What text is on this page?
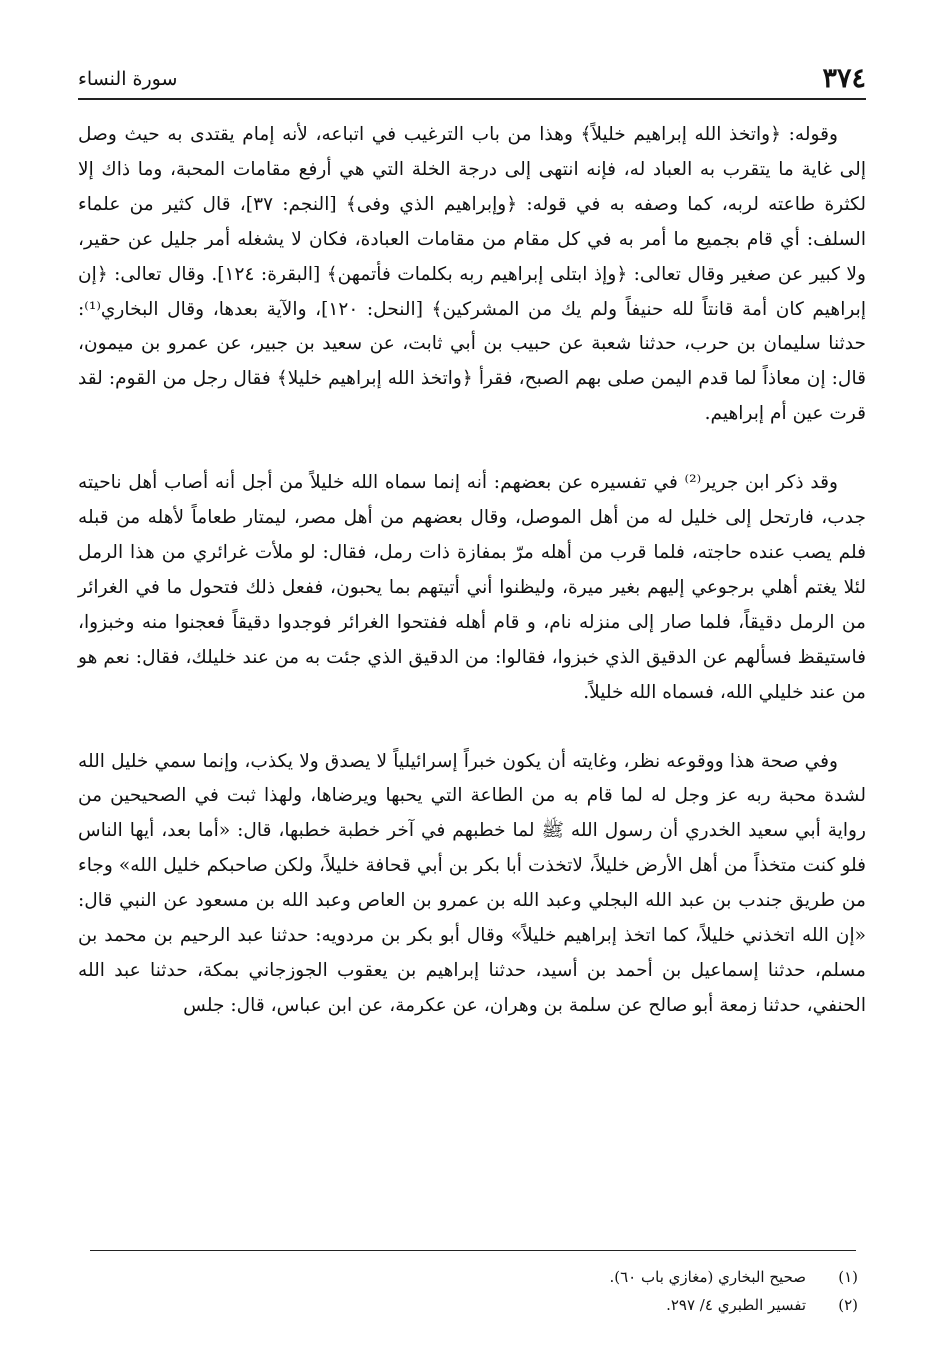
٣٧٤
سورة النساء

وقوله: ﴿واتخذ الله إبراهيم خليلاً﴾ وهذا من باب الترغيب في اتباعه، لأنه إمام يقتدى به حيث وصل إلى غاية ما يتقرب به العباد له، فإنه انتهى إلى درجة الخلة التي هي أرفع مقامات المحبة، وما ذاك إلا لكثرة طاعته لربه، كما وصفه به في قوله: ﴿وإبراهيم الذي وفى﴾ [النجم: ٣٧]، قال كثير من علماء السلف: أي قام بجميع ما أمر به في كل مقام من مقامات العبادة، فكان لا يشغله أمر جليل عن حقير، ولا كبير عن صغير وقال تعالى: ﴿وإذ ابتلى إبراهيم ربه بكلمات فأتمهن﴾ [البقرة: ١٢٤]. وقال تعالى: ﴿إن إبراهيم كان أمة قانتاً لله حنيفاً ولم يك من المشركين﴾ [النحل: ١٢٠]، والآية بعدها، وقال البخاري⁽¹⁾: حدثنا سليمان بن حرب، حدثنا شعبة عن حبيب بن أبي ثابت، عن سعيد بن جبير، عن عمرو بن ميمون، قال: إن معاذاً لما قدم اليمن صلى بهم الصبح، فقرأ ﴿واتخذ الله إبراهيم خليلا﴾ فقال رجل من القوم: لقد قرت عين أم إبراهيم.

وقد ذكر ابن جرير⁽²⁾ في تفسيره عن بعضهم: أنه إنما سماه الله خليلاً من أجل أنه أصاب أهل ناحيته جدب، فارتحل إلى خليل له من أهل الموصل، وقال بعضهم من أهل مصر، ليمتار طعاماً لأهله من قبله فلم يصب عنده حاجته، فلما قرب من أهله مرّ بمفازة ذات رمل، فقال: لو ملأت غرائري من هذا الرمل لئلا يغتم أهلي برجوعي إليهم بغير ميرة، وليظنوا أني أتيتهم بما يحبون، ففعل ذلك فتحول ما في الغرائر من الرمل دقيقاً، فلما صار إلى منزله نام، و قام أهله ففتحوا الغرائر فوجدوا دقيقاً فعجنوا منه وخبزوا، فاستيقظ فسألهم عن الدقيق الذي خبزوا، فقالوا: من الدقيق الذي جئت به من عند خليلك، فقال: نعم هو من عند خليلي الله، فسماه الله خليلاً.

وفي صحة هذا ووقوعه نظر، وغايته أن يكون خبراً إسرائيلياً لا يصدق ولا يكذب، وإنما سمي خليل الله لشدة محبة ربه عز وجل له لما قام به من الطاعة التي يحبها ويرضاها، ولهذا ثبت في الصحيحين من رواية أبي سعيد الخدري أن رسول الله ﷺ لما خطبهم في آخر خطبة خطبها، قال: «أما بعد، أيها الناس فلو كنت متخذاً من أهل الأرض خليلاً، لاتخذت أبا بكر بن أبي قحافة خليلاً، ولكن صاحبكم خليل الله» وجاء من طريق جندب بن عبد الله البجلي وعبد الله بن عمرو بن العاص وعبد الله بن مسعود عن النبي قال: «إن الله اتخذني خليلاً، كما اتخذ إبراهيم خليلاً» وقال أبو بكر بن مردويه: حدثنا عبد الرحيم بن محمد بن مسلم، حدثنا إسماعيل بن أحمد بن أسيد، حدثنا إبراهيم بن يعقوب الجوزجاني بمكة، حدثنا عبد الله الحنفي، حدثنا زمعة أبو صالح عن سلمة بن وهران، عن عكرمة، عن ابن عباس، قال: جلس

(١)
صحيح البخاري (مغازي باب ٦٠).
(٢)
تفسير الطبري ٤/ ٢٩٧.
